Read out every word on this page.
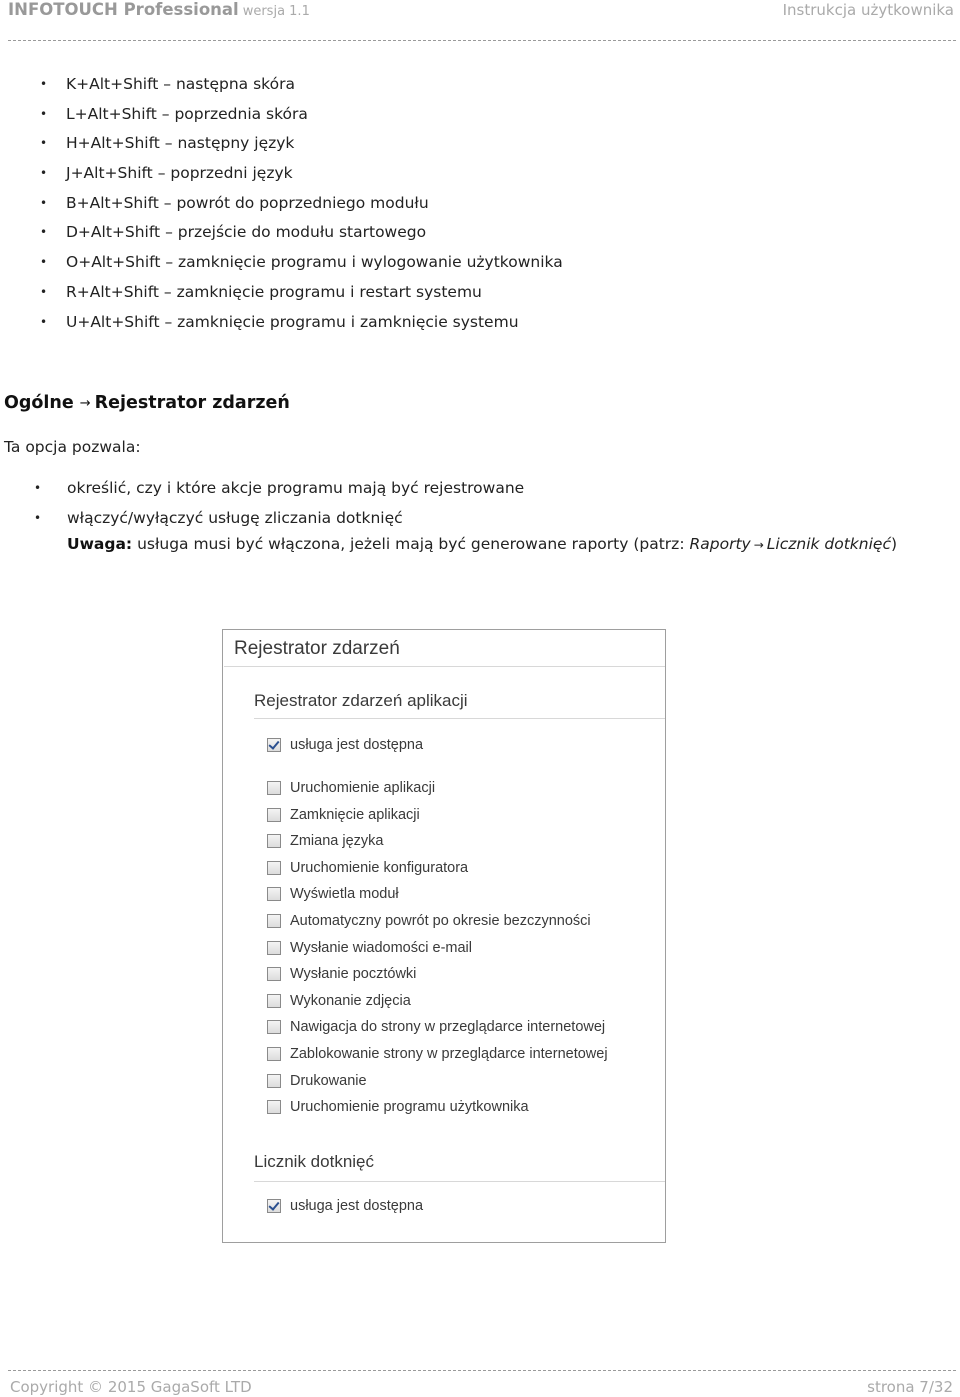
INFOTOUCH Professional wersja 1.1	Instrukcja użytkownika
• K+Alt+Shift – następna skóra
• L+Alt+Shift – poprzednia skóra
• H+Alt+Shift – następny język
• J+Alt+Shift – poprzedni język
• B+Alt+Shift – powrót do poprzedniego modułu
• D+Alt+Shift – przejście do modułu startowego
• O+Alt+Shift – zamknięcie programu i wylogowanie użytkownika
• R+Alt+Shift – zamknięcie programu i restart systemu
• U+Alt+Shift – zamknięcie programu i zamknięcie systemu
Ogólne → Rejestrator zdarzeń
Ta opcja pozwala:
• określić, czy i które akcje programu mają być rejestrowane
• włączyć/wyłączyć usługę zliczania dotknięć
Uwaga: usługa musi być włączona, jeżeli mają być generowane raporty (patrz: Raporty → Licznik dotknięć)
Rejestrator zdarzeń
Rejestrator zdarzeń aplikacji
usługa jest dostępna
Uruchomienie aplikacji
Zamknięcie aplikacji
Zmiana języka
Uruchomienie konfiguratora
Wyświetla moduł
Automatyczny powrót po okresie bezczynności
Wysłanie wiadomości e-mail
Wysłanie pocztówki
Wykonanie zdjęcia
Nawigacja do strony w przeglądarce internetowej
Zablokowanie strony w przeglądarce internetowej
Drukowanie
Uruchomienie programu użytkownika
Licznik dotknięć
usługa jest dostępna
Copyright © 2015 GagaSoft LTD	strona 7/32
